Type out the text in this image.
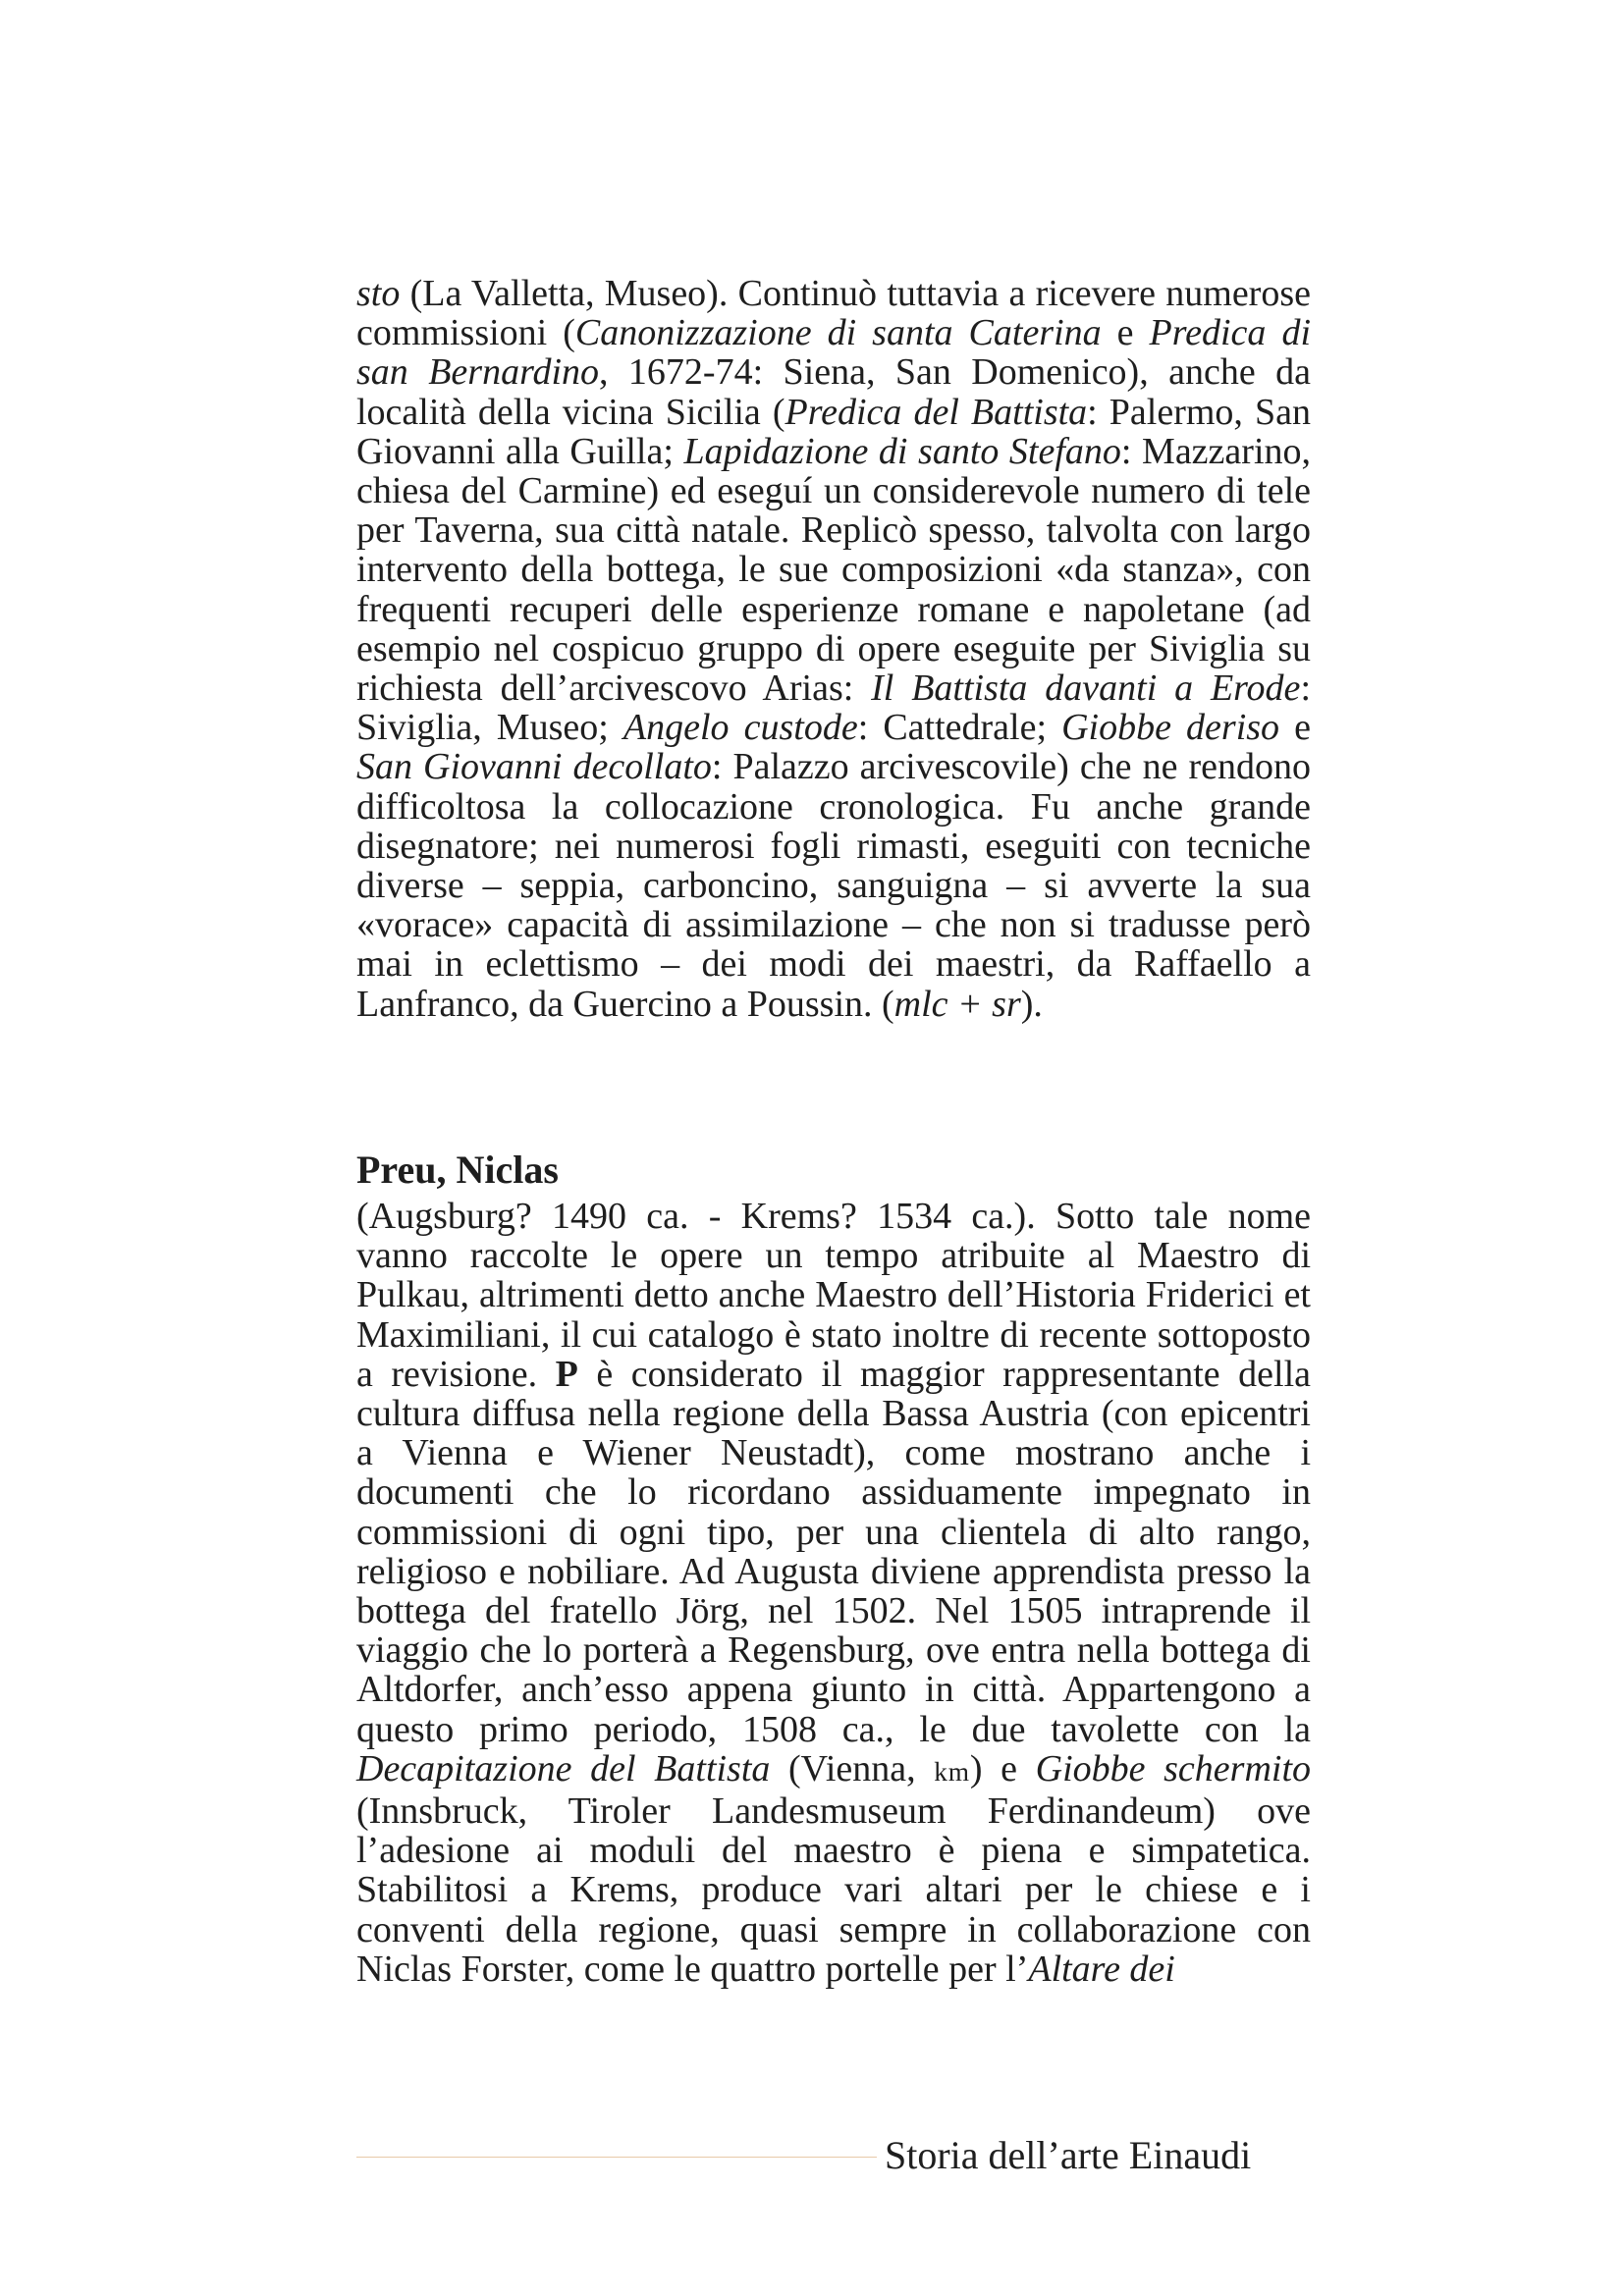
sto (La Valletta, Museo). Continuò tuttavia a ricevere numerose commissioni (Canonizzazione di santa Caterina e Predica di san Bernardino, 1672-74: Siena, San Domenico), anche da località della vicina Sicilia (Predica del Battista: Palermo, San Giovanni alla Guilla; Lapidazione di santo Stefano: Mazzarino, chiesa del Carmine) ed eseguí un considerevole numero di tele per Taverna, sua città natale. Replicò spesso, talvolta con largo intervento della bottega, le sue composizioni «da stanza», con frequenti recuperi delle esperienze romane e napoletane (ad esempio nel cospicuo gruppo di opere eseguite per Siviglia su richiesta dell’arcivescovo Arias: Il Battista davanti a Erode: Siviglia, Museo; Angelo custode: Cattedrale; Giobbe deriso e San Giovanni decollato: Palazzo arcivescovile) che ne rendono difficoltosa la collocazione cronologica. Fu anche grande disegnatore; nei numerosi fogli rimasti, eseguiti con tecniche diverse – seppia, carboncino, sanguigna – si avverte la sua «vorace» capacità di assimilazione – che non si tradusse però mai in eclettismo – dei modi dei maestri, da Raffaello a Lanfranco, da Guercino a Poussin. (mlc + sr).
Preu, Niclas
(Augsburg? 1490 ca. - Krems? 1534 ca.). Sotto tale nome vanno raccolte le opere un tempo atribuite al Maestro di Pulkau, altrimenti detto anche Maestro dell’Historia Friderici et Maximiliani, il cui catalogo è stato inoltre di recente sottoposto a revisione. P è considerato il maggior rappresentante della cultura diffusa nella regione della Bassa Austria (con epicentri a Vienna e Wiener Neustadt), come mostrano anche i documenti che lo ricordano assiduamente impegnato in commissioni di ogni tipo, per una clientela di alto rango, religioso e nobiliare. Ad Augusta diviene apprendista presso la bottega del fratello Jörg, nel 1502. Nel 1505 intraprende il viaggio che lo porterà a Regensburg, ove entra nella bottega di Altdorfer, anch’esso appena giunto in città. Appartengono a questo primo periodo, 1508 ca., le due tavolette con la Decapitazione del Battista (Vienna, km) e Giobbe schermito (Innsbruck, Tiroler Landesmuseum Ferdinandeum) ove l’adesione ai moduli del maestro è piena e simpatetica. Stabilitosi a Krems, produce vari altari per le chiese e i conventi della regione, quasi sempre in collaborazione con Niclas Forster, come le quattro portelle per l’Altare dei
Storia dell’arte Einaudi
